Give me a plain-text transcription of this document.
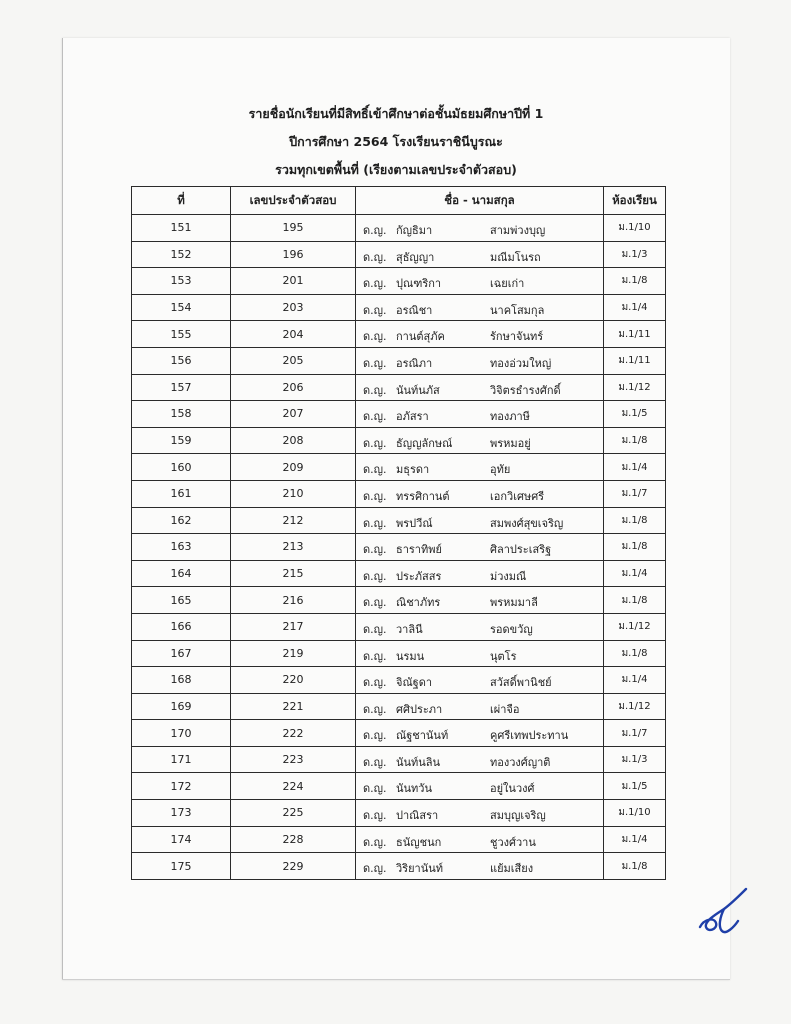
รายชื่อนักเรียนที่มีสิทธิ์เข้าศึกษาต่อชั้นมัธยมศึกษาปีที่ 1
ปีการศึกษา 2564 โรงเรียนราชินีบูรณะ
รวมทุกเขตพื้นที่ (เรียงตามเลขประจำตัวสอบ)
ที่	เลขประจำตัวสอบ	ชื่อ - นามสกุล	ห้องเรียน
151	195	ด.ญ. กัญธิมา สามพ่วงบุญ	ม.1/10
152	196	ด.ญ. สุธัญญา มณีมโนรถ	ม.1/3
153	201	ด.ญ. ปุณฑริกา เฉยเก่า	ม.1/8
154	203	ด.ญ. อรณิชา นาคโสมกุล	ม.1/4
155	204	ด.ญ. กานต์สุภัค รักษาจันทร์	ม.1/11
156	205	ด.ญ. อรณิภา ทองอ่วมใหญ่	ม.1/11
157	206	ด.ญ. นันท์นภัส วิจิตรธำรงศักดิ์	ม.1/12
158	207	ด.ญ. อภัสรา ทองภาษี	ม.1/5
159	208	ด.ญ. ธัญญลักษณ์ พรหมอยู่	ม.1/8
160	209	ด.ญ. มธุรดา อุทัย	ม.1/4
161	210	ด.ญ. ทรรศิกานต์ เอกวิเศษศรี	ม.1/7
162	212	ด.ญ. พรปวีณ์ สมพงศ์สุขเจริญ	ม.1/8
163	213	ด.ญ. ธาราทิพย์ ศิลาประเสริฐ	ม.1/8
164	215	ด.ญ. ประภัสสร ม่วงมณี	ม.1/4
165	216	ด.ญ. ณิชาภัทร พรหมมาลี	ม.1/8
166	217	ด.ญ. วาลินี รอดขวัญ	ม.1/12
167	219	ด.ญ. นรมน นุตโร	ม.1/8
168	220	ด.ญ. จิณัฐดา สวัสดิ์พานิชย์	ม.1/4
169	221	ด.ญ. ศศิประภา เผ่าจือ	ม.1/12
170	222	ด.ญ. ณัฐชานันท์ คูศรีเทพประทาน	ม.1/7
171	223	ด.ญ. นันท์นลิน ทองวงศ์ญาติ	ม.1/3
172	224	ด.ญ. นันทวัน อยู่ในวงศ์	ม.1/5
173	225	ด.ญ. ปาณิสรา สมบุญเจริญ	ม.1/10
174	228	ด.ญ. ธนัญชนก ชูวงศ์วาน	ม.1/4
175	229	ด.ญ. วิริยานันท์ แย้มเสียง	ม.1/8
